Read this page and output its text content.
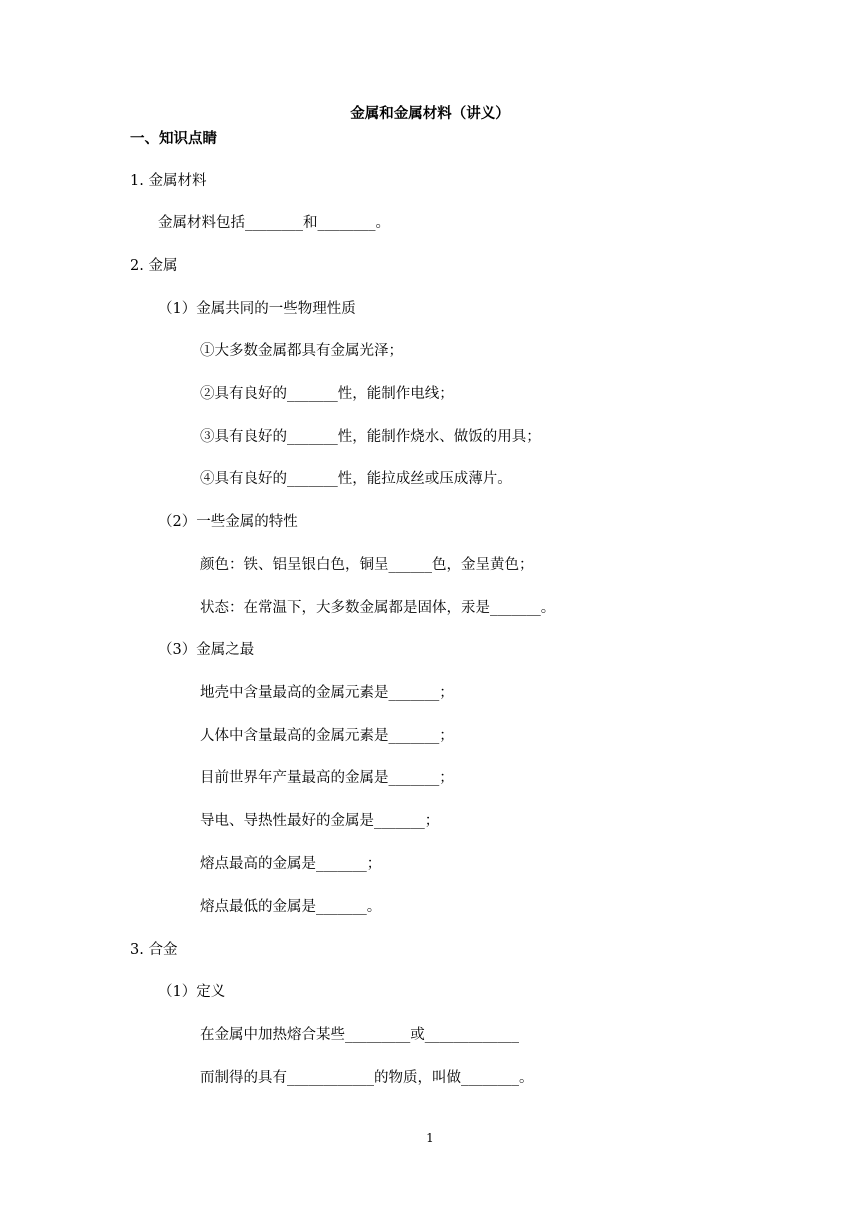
金属和金属材料（讲义）
一、知识点睛
1. 金属材料
金属材料包括________和________。
2. 金属
（1）金属共同的一些物理性质
①大多数金属都具有金属光泽；
②具有良好的_______性，能制作电线；
③具有良好的_______性，能制作烧水、做饭的用具；
④具有良好的_______性，能拉成丝或压成薄片。
（2）一些金属的特性
颜色：铁、铝呈银白色，铜呈______色，金呈黄色；
状态：在常温下，大多数金属都是固体，汞是_______。
（3）金属之最
地壳中含量最高的金属元素是_______；
人体中含量最高的金属元素是_______；
目前世界年产量最高的金属是_______；
导电、导热性最好的金属是_______；
熔点最高的金属是_______；
熔点最低的金属是_______。
3. 合金
（1）定义
在金属中加热熔合某些_________或_____________
而制得的具有____________的物质，叫做________。
1
